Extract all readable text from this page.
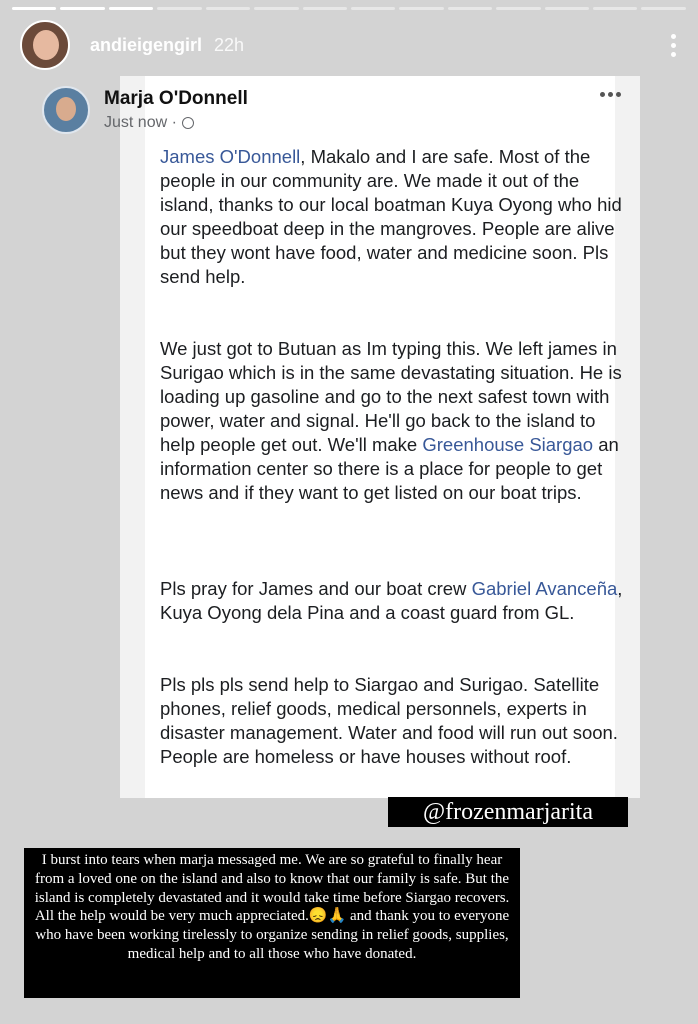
andieigengirl 22h
Marja O'Donnell
Just now ·

James O'Donnell, Makalo and I are safe. Most of the people in our community are. We made it out of the island, thanks to our local boatman Kuya Oyong who hid our speedboat deep in the mangroves. People are alive but they wont have food, water and medicine soon. Pls send help.

We just got to Butuan as Im typing this. We left james in Surigao which is in the same devastating situation. He is loading up gasoline and go to the next safest town with power, water and signal. He'll go back to the island to help people get out. We'll make Greenhouse Siargao an information center so there is a place for people to get news and if they want to get listed on our boat trips.

Pls pray for James and our boat crew Gabriel Avanceña, Kuya Oyong dela Pina and a coast guard from GL.

Pls pls pls send help to Siargao and Surigao. Satellite phones, relief goods, medical personnels, experts in disaster management. Water and food will run out soon. People are homeless or have houses without roof.

@frozenmarjarita
I burst into tears when marja messaged me. We are so grateful to finally hear from a loved one on the island and also to know that our family is safe. But the island is completely devastated and it would take time before Siargao recovers. All the help would be very much appreciated.😞🙏 and thank you to everyone who have been working tirelessly to organize sending in relief goods, supplies, medical help and to all those who have donated.
